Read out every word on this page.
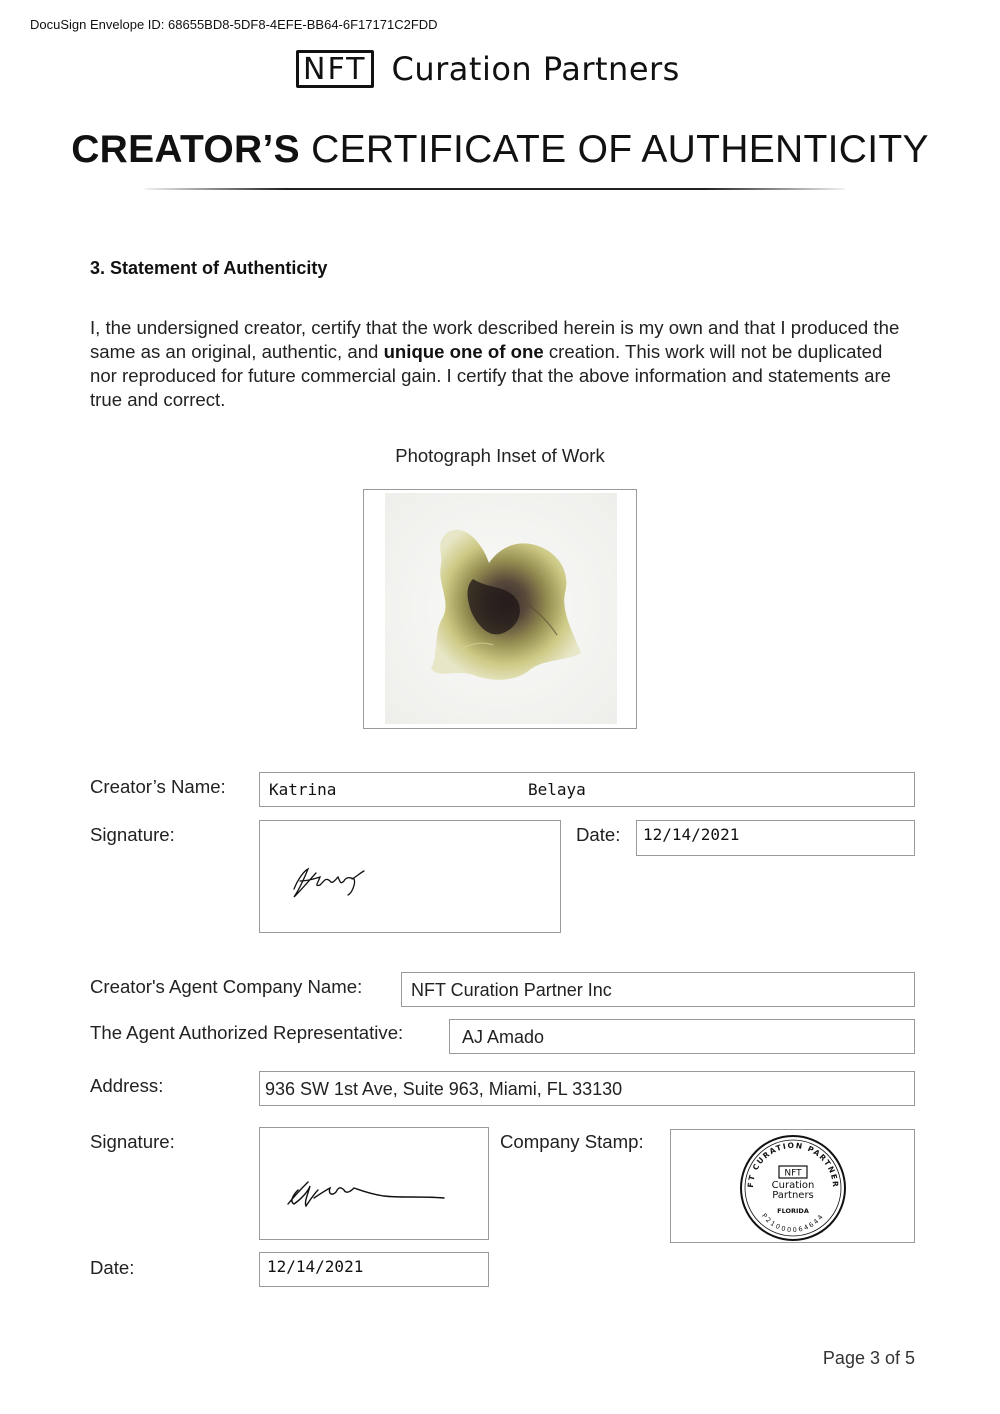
DocuSign Envelope ID: 68655BD8-5DF8-4EFE-BB64-6F17171C2FDD
NFT Curation Partners
CREATOR’S CERTIFICATE OF AUTHENTICITY
3. Statement of Authenticity

I, the undersigned creator, certify that the work described herein is my own and that I produced the same as an original, authentic, and unique one of one creation. This work will not be duplicated nor reproduced for future commercial gain. I certify that the above information and statements are true and correct.

Photograph Inset of Work
Creator’s Name:	Katrina	Belaya
Signature:	Date: 12/14/2021
Creator's Agent Company Name:	NFT Curation Partner Inc
The Agent Authorized Representative:	AJ Amado
Address:	936 SW 1st Ave, Suite 963, Miami, FL 33130
Signature:	Company Stamp:
FT CURATION PARTNER
NFT
Curation
Partners
FLORIDA
P21000064644
Date:	12/14/2021
Page 3 of 5
